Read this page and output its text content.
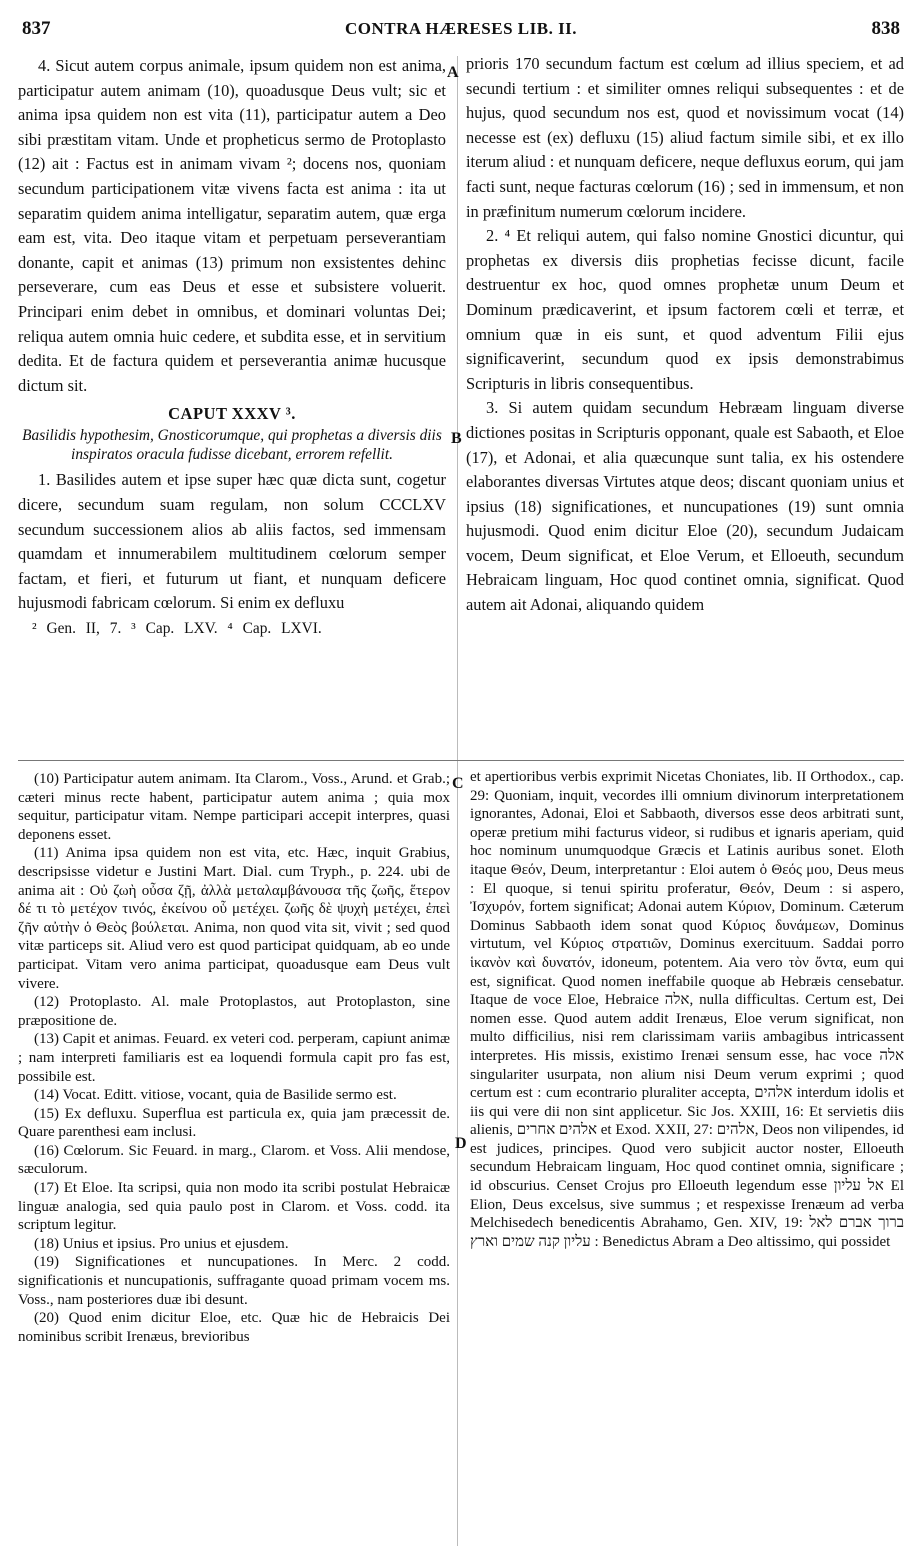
837	CONTRA HÆRESES LIB. II.	838
A
B
C
D

4. Sicut autem corpus animale, ipsum quidem non est anima, participatur autem animam (10), quoadusque Deus vult; sic et anima ipsa quidem non est vita (11), participatur autem a Deo sibi præstitam vitam. Unde et propheticus sermo de Protoplasto (12) ait : Factus est in animam vivam ²; docens nos, quoniam secundum participationem vitæ vivens facta est anima : ita ut separatim quidem anima intelligatur, separatim autem, quæ erga eam est, vita. Deo itaque vitam et perpetuam perseverantiam donante, capit et animas (13) primum non exsistentes dehinc perseverare, cum eas Deus et esse et subsistere voluerit. Principari enim debet in omnibus, et dominari voluntas Dei; reliqua autem omnia huic cedere, et subdita esse, et in servitium dedita. Et de factura quidem et perseverantia animæ hucusque dictum sit.

CAPUT XXXV ³.
Basilidis hypothesim, Gnosticorumque, qui prophetas a diversis diis inspiratos oracula fudisse dicebant, errorem refellit.

1. Basilides autem et ipse super hæc quæ dicta sunt, cogetur dicere, secundum suam regulam, non solum CCCLXV secundum successionem alios ab aliis factos, sed immensam quamdam et innumerabilem multitudinem cœlorum semper factam, et fieri, et futurum ut fiant, et nunquam deficere hujusmodi fabricam cœlorum. Si enim ex defluxu

² Gen. II, 7. ³ Cap. LXV. ⁴ Cap. LXVI.

prioris 170 secundum factum est cœlum ad illius speciem, et ad secundi tertium : et similiter omnes reliqui subsequentes : et de hujus, quod secundum nos est, quod et novissimum vocat (14) necesse est (ex) defluxu (15) aliud factum simile sibi, et ex illo iterum aliud : et nunquam deficere, neque defluxus eorum, qui jam facti sunt, neque facturas cœlorum (16) ; sed in immensum, et non in præfinitum numerum cœlorum incidere.

2. ⁴ Et reliqui autem, qui falso nomine Gnostici dicuntur, qui prophetas ex diversis diis prophetias fecisse dicunt, facile destruentur ex hoc, quod omnes prophetæ unum Deum et Dominum prædicaverint, et ipsum factorem cœli et terræ, et omnium quæ in eis sunt, et quod adventum Filii ejus significaverint, secundum quod ex ipsis demonstrabimus Scripturis in libris consequentibus.

3. Si autem quidam secundum Hebræam linguam diverse dictiones positas in Scripturis opponant, quale est Sabaoth, et Eloe (17), et Adonai, et alia quæcunque sunt talia, ex his ostendere elaborantes diversas Virtutes atque deos; discant quoniam unius et ipsius (18) significationes, et nuncupationes (19) sunt omnia hujusmodi. Quod enim dicitur Eloe (20), secundum Judaicam vocem, Deum significat, et Eloe Verum, et Elloeuth, secundum Hebraicam linguam, Hoc quod continet omnia, significat. Quod autem ait Adonai, aliquando quidem

(10) Participatur autem animam. Ita Clarom., Voss., Arund. et Grab.; cæteri minus recte habent, participatur autem anima ; quia mox sequitur, participatur vitam. Nempe participari accepit interpres, quasi deponens esset.

(11) Anima ipsa quidem non est vita, etc. Hæc, inquit Grabius, descripsisse videtur e Justini Mart. Dial. cum Tryph., p. 224. ubi de anima ait : Οὐ ζωὴ οὖσα ζῇ, ἀλλὰ μεταλαμβάνουσα τῆς ζωῆς, ἕτερον δέ τι τὸ μετέχον τινός, ἐκείνου οὗ μετέχει. ζωῆς δὲ ψυχὴ μετέχει, ἐπεὶ ζῆν αὐτὴν ὁ Θεὸς βούλεται. Anima, non quod vita sit, vivit ; sed quod vitæ particeps sit. Aliud vero est quod participat quidquam, ab eo unde participat. Vitam vero anima participat, quoadusque eam Deus vult vivere.

(12) Protoplasto. Al. male Protoplastos, aut Protoplaston, sine præpositione de.

(13) Capit et animas. Feuard. ex veteri cod. perperam, capiunt animæ ; nam interpreti familiaris est ea loquendi formula capit pro fas est, possibile est.

(14) Vocat. Editt. vitiose, vocant, quia de Basilide sermo est.

(15) Ex defluxu. Superflua est particula ex, quia jam præcessit de. Quare parenthesi eam inclusi.

(16) Cœlorum. Sic Feuard. in marg., Clarom. et Voss. Alii mendose, sæculorum.

(17) Et Eloe. Ita scripsi, quia non modo ita scribi postulat Hebraicæ linguæ analogia, sed quia paulo post in Clarom. et Voss. codd. ita scriptum legitur.

(18) Unius et ipsius. Pro unius et ejusdem.

(19) Significationes et nuncupationes. In Merc. 2 codd. significationis et nuncupationis, suffragante quoad primam vocem ms. Voss., nam posteriores duæ ibi desunt.

(20) Quod enim dicitur Eloe, etc. Quæ hic de Hebraicis Dei nominibus scribit Irenæus, brevioribus

et apertioribus verbis exprimit Nicetas Choniates, lib. II Orthodox., cap. 29: Quoniam, inquit, vecordes illi omnium divinorum interpretationem ignorantes, Adonai, Eloi et Sabbaoth, diversos esse deos arbitrati sunt, operæ pretium mihi facturus videor, si rudibus et ignaris aperiam, quid hoc nominum unumquodque Græcis et Latinis auribus sonet. Eloth itaque Θεόν, Deum, interpretantur : Eloi autem ὁ Θεός μου, Deus meus : El quoque, si tenui spiritu proferatur, Θεόν, Deum : si aspero, Ἰσχυρόν, fortem significat; Adonai autem Κύριον, Dominum. Cæterum Dominus Sabbaoth idem sonat quod Κύριος δυνάμεων, Dominus virtutum, vel Κύριος στρατιῶν, Dominus exercituum. Saddai porro ἱκανὸν καὶ δυνατόν, idoneum, potentem. Aia vero τὸν ὄντα, eum qui est, significat. Quod nomen ineffabile quoque ab Hebræis censebatur. Itaque de voce Eloe, Hebraice אלה, nulla difficultas. Certum est, Dei nomen esse. Quod autem addit Irenæus, Eloe verum significat, non multo difficilius, nisi rem clarissimam variis ambagibus intricassent interpretes. His missis, existimo Irenæi sensum esse, hac voce אלה singulariter usurpata, non alium nisi Deum verum exprimi ; quod certum est : cum econtrario pluraliter accepta, אלהים interdum idolis et iis qui vere dii non sint applicetur. Sic Jos. XXIII, 16: Et servietis diis alienis, אלהים אחרים et Exod. XXII, 27: אלהים, Deos non vilipendes, id est judices, principes. Quod vero subjicit auctor noster, Elloeuth secundum Hebraicam linguam, Hoc quod continet omnia, significare ; id obscurius. Censet Crojus pro Elloeuth legendum esse אל עליון El Elion, Deus excelsus, sive summus ; et respexisse Irenæum ad verba Melchisedech benedicentis Abrahamo, Gen. XIV, 19: ברוך אברם לאל עליון קנה שמים וארץ : Benedictus Abram a Deo altissimo, qui possidet
